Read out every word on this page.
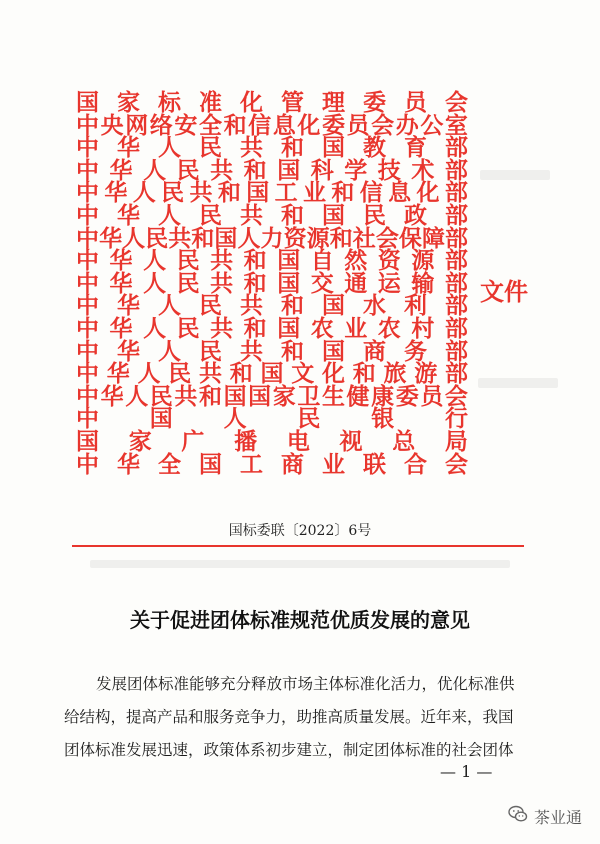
国 家 标 准 化 管 理 委 员 会
中 央 网 络 安 全 和 信 息 化 委 员 会 办 公 室
中 华 人 民 共 和 国 教 育 部
中 华 人 民 共 和 国 科 学 技 术 部
中 华 人 民 共 和 国 工 业 和 信 息 化 部
中 华 人 民 共 和 国 民 政 部
中 华 人 民 共 和 国 人 力 资 源 和 社 会 保 障 部
中 华 人 民 共 和 国 自 然 资 源 部
中 华 人 民 共 和 国 交 通 运 输 部
中 华 人 民 共 和 国 水 利 部
中 华 人 民 共 和 国 农 业 农 村 部
中 华 人 民 共 和 国 商 务 部
中 华 人 民 共 和 国 文 化 和 旅 游 部
中 华 人 民 共 和 国 国 家 卫 生 健 康 委 员 会
中 国 人 民 银 行
国 家 广 播 电 视 总 局
中 华 全 国 工 商 业 联 合 会
文件
国标委联〔2022〕6号
关于促进团体标准规范优质发展的意见
发展团体标准能够充分释放市场主体标准化活力，优化标准供
给结构，提高产品和服务竞争力，助推高质量发展。近年来，我国
团体标准发展迅速，政策体系初步建立，制定团体标准的社会团体
— 1 —
茶业通
